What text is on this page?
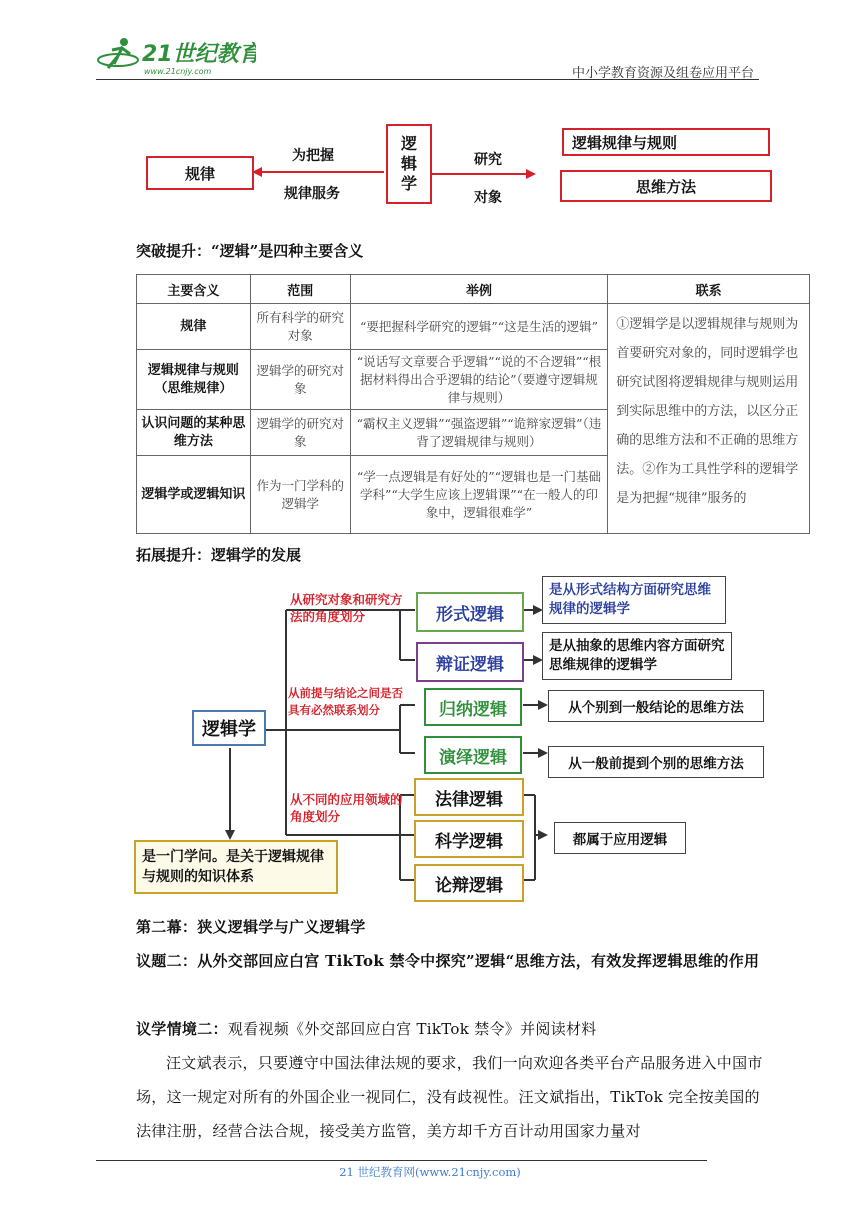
21世纪教育
www.21cnjy.com	中小学教育资源及组卷应用平台
逻
辑
学
规律
为把握
规律服务
研究
对象
逻辑规律与规则
思维方法
突破提升：“逻辑”是四种主要含义
主要含义	范围	举例	联系
规律	所有科学的研究对象	“要把握科学研究的逻辑”“这是生活的逻辑”	①逻辑学是以逻辑规律与规则为首要研究对象的，同时逻辑学也研究试图将逻辑规律与规则运用到实际思维中的方法，以区分正确的思维方法和不正确的思维方法。②作为工具性学科的逻辑学是为把握“规律”服务的
逻辑规律与规则（思维规律）	逻辑学的研究对象	“说话写文章要合乎逻辑”“说的不合逻辑”“根据材料得出合乎逻辑的结论”（要遵守逻辑规律与规则）	
认识问题的某种思维方法	逻辑学的研究对象	“霸权主义逻辑”“强盗逻辑”“诡辩家逻辑”（违背了逻辑规律与规则）	
逻辑学或逻辑知识	作为一门学科的逻辑学	“学一点逻辑是有好处的”“逻辑也是一门基础学科”“大学生应该上逻辑课”“在一般人的印象中，逻辑很难学”	
拓展提升：逻辑学的发展
逻辑学
是一门学问。是关于逻辑规律与规则的知识体系
从研究对象和研究方法的角度划分
从前提与结论之间是否具有必然联系划分
从不同的应用领域的角度划分
形式逻辑
辩证逻辑
归纳逻辑
演绎逻辑
法律逻辑
科学逻辑
论辩逻辑
是从形式结构方面研究思维规律的逻辑学
是从抽象的思维内容方面研究思维规律的逻辑学
从个别到一般结论的思维方法
从一般前提到个别的思维方法
都属于应用逻辑
第二幕：狭义逻辑学与广义逻辑学
议题二：从外交部回应白宫 TikTok 禁令中探究”逻辑“思维方法，有效发挥逻辑思维的作用
议学情境二：观看视频《外交部回应白宫 TikTok 禁令》并阅读材料
汪文斌表示，只要遵守中国法律法规的要求，我们一向欢迎各类平台产品服务进入中国市场，这一规定对所有的外国企业一视同仁，没有歧视性。汪文斌指出，TikTok 完全按美国的法律注册，经营合法合规，接受美方监管，美方却千方百计动用国家力量对
21 世纪教育网(www.21cnjy.com)
